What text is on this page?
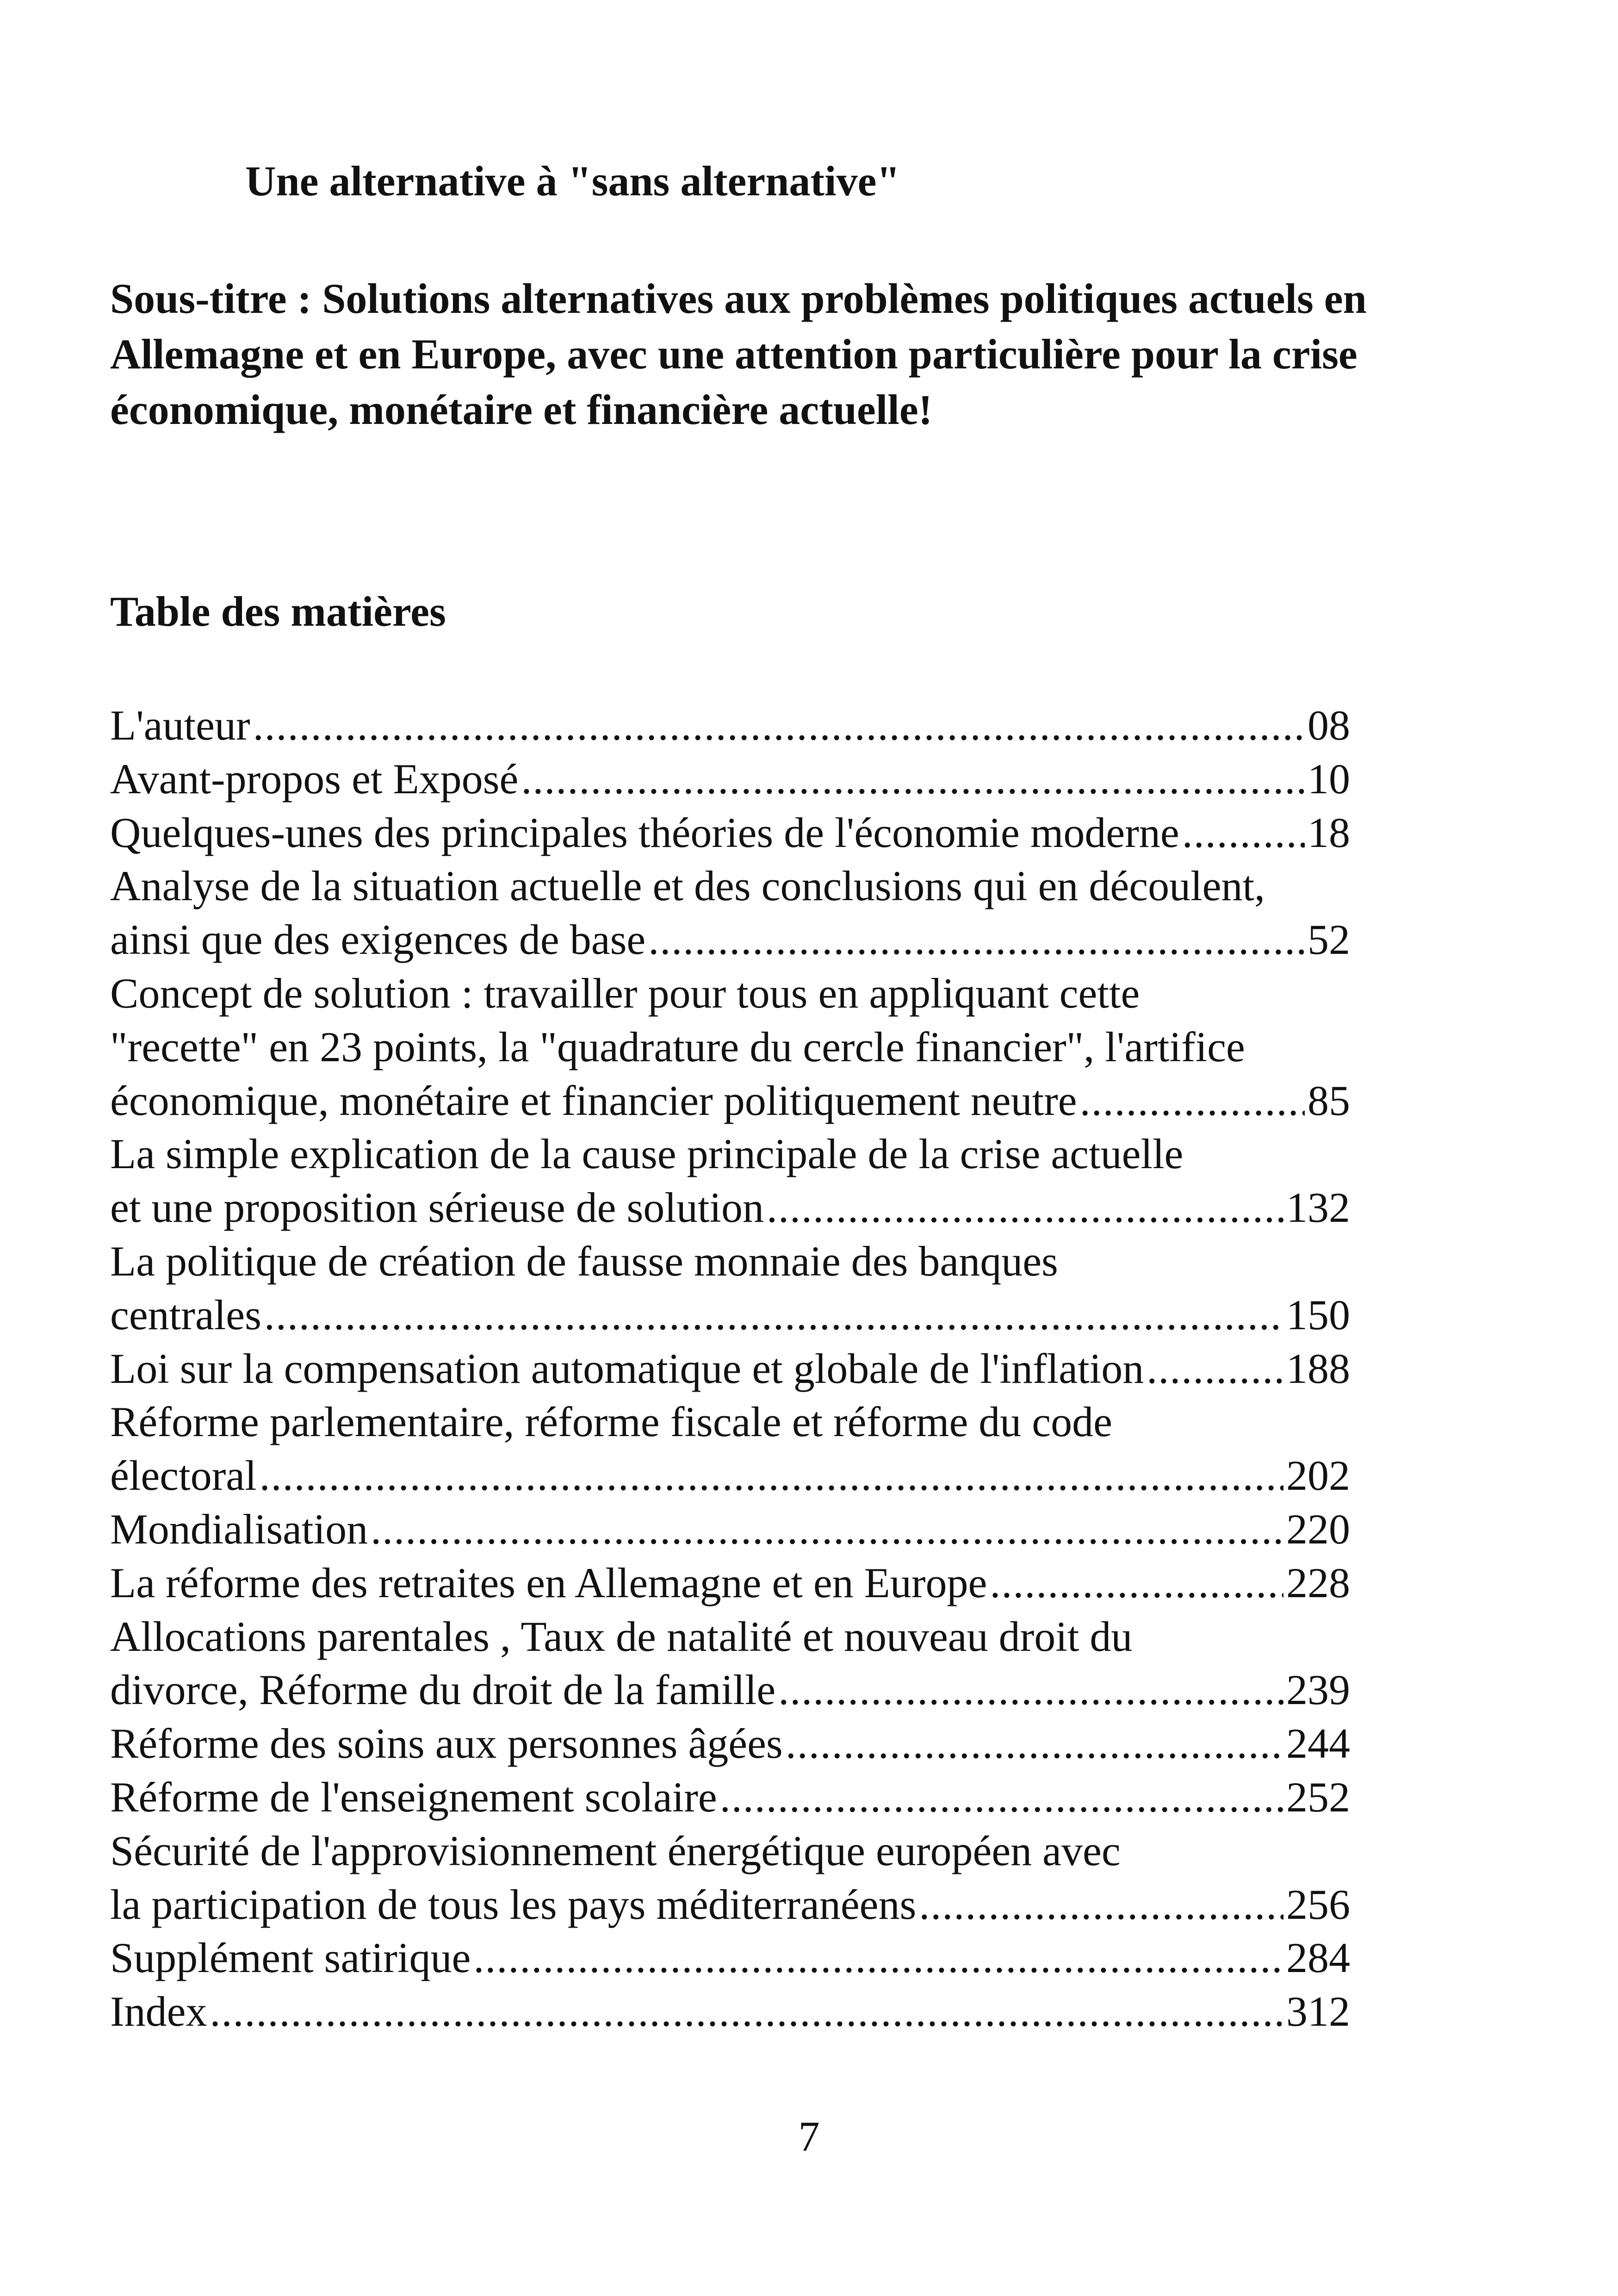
Une alternative à "sans alternative"
Sous-titre : Solutions alternatives aux problèmes politiques actuels en
Allemagne et en Europe, avec une attention particulière pour la crise
économique, monétaire et financière actuelle!
Table des matières
L'auteur .....	08
Avant-propos et Exposé .....	10
Quelques-unes des principales théories de l'économie moderne .....	18
Analyse de la situation actuelle et des conclusions qui en découlent,
ainsi que des exigences de base .....	52
Concept de solution : travailler pour tous en appliquant cette
"recette" en 23 points, la "quadrature du cercle financier", l'artifice
économique, monétaire et financier politiquement neutre .....	85
La simple explication de la cause principale de la crise actuelle
et une proposition sérieuse de solution .....	132
La politique de création de fausse monnaie des banques
centrales .....	150
Loi sur la compensation automatique et globale de l'inflation .....	188
Réforme parlementaire, réforme fiscale et réforme du code
électoral .....	202
Mondialisation .....	220
La réforme des retraites en Allemagne et en Europe .....	228
Allocations parentales , Taux de natalité et nouveau droit du
divorce, Réforme du droit de la famille .....	239
Réforme des soins aux personnes âgées .....	244
Réforme de l'enseignement scolaire .....	252
Sécurité de l'approvisionnement énergétique européen avec
la participation de tous les pays méditerranéens .....	256
Supplément satirique .....	284
Index .....	312

7
